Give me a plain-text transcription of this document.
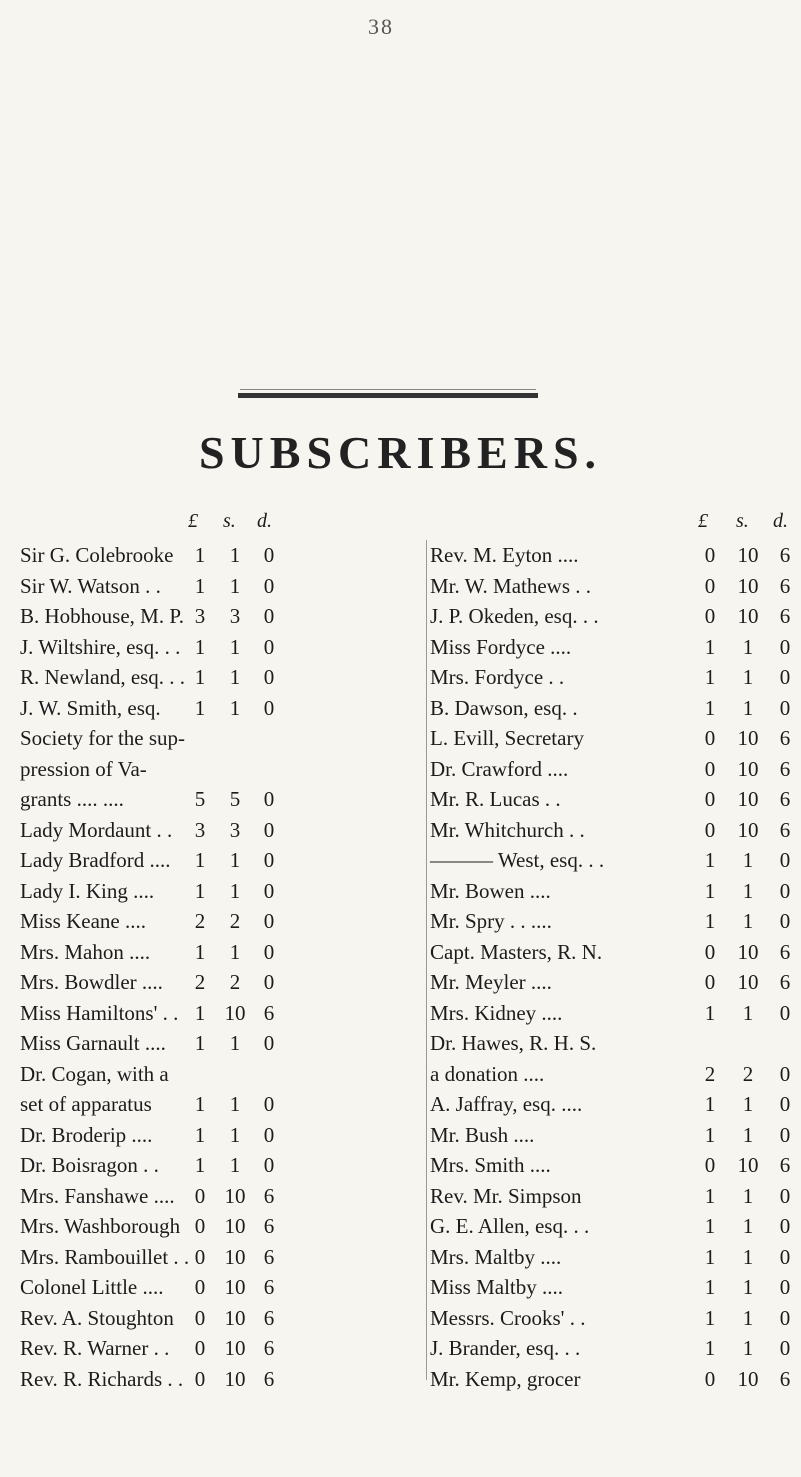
38
SUBSCRIBERS.
£ s. d.
Sir G. Colebrooke	1	1	0
Sir W. Watson . .	1	1	0
B. Hobhouse, M. P. 3	3	0
J. Wiltshire, esq. . . 1	1	0
R. Newland, esq. . . 1	1	0
J. W. Smith, esq.	1	1	0
Society for the sup-
pression of Va-
grants .... ....	5	5	0
Lady Mordaunt . .	3	3	0
Lady Bradford ....	1	1	0
Lady I. King ....	1	1	0
Miss Keane ....	2	2	0
Mrs. Mahon ....	1	1	0
Mrs. Bowdler ....	2	2	0
Miss Hamiltons' . . 1 10 6
Miss Garnault ....	1	1	0
Dr. Cogan, with a
set of apparatus	1	1	0
Dr. Broderip ....	1	1	0
Dr. Boisragon . .	1	1	0
Mrs. Fanshawe .... 0 10 6
Mrs. Washborough 0 10 6
Mrs. Rambouillet . . 0 10 6
Colonel Little ....	0 10 6
Rev. A. Stoughton 0 10 6
Rev. R. Warner . .	0 10 6
Rev. R. Richards . . 0 10 6
£ s. d.
Rev. M. Eyton ....	0	10	6
Mr. W. Mathews . .	0	10	6
J. P. Okeden, esq. . .	0	10	6
Miss Fordyce ....	1	1	0
Mrs. Fordyce . .	1	1	0
B. Dawson, esq. .	1	1	0
L. Evill, Secretary	0	10	6
Dr. Crawford ....	0	10	6
Mr. R. Lucas . .	0	10	6
Mr. Whitchurch . .	0	10	6
——— West, esq. . .	1	1	0
Mr. Bowen ....	1	1	0
Mr. Spry . . ....	1	1	0
Capt. Masters, R. N.	0	10	6
Mr. Meyler ....	0	10	6
Mrs. Kidney ....	1	1	0
Dr. Hawes, R. H. S.
a donation ....	2	2	0
A. Jaffray, esq. ....	1	1	0
Mr. Bush ....	1	1	0
Mrs. Smith ....	0	10	6
Rev. Mr. Simpson	1	1	0
G. E. Allen, esq. . .	1	1	0
Mrs. Maltby ....	1	1	0
Miss Maltby ....	1	1	0
Messrs. Crooks' . .	1	1	0
J. Brander, esq. . .	1	1	0
Mr. Kemp, grocer	0	10	6
